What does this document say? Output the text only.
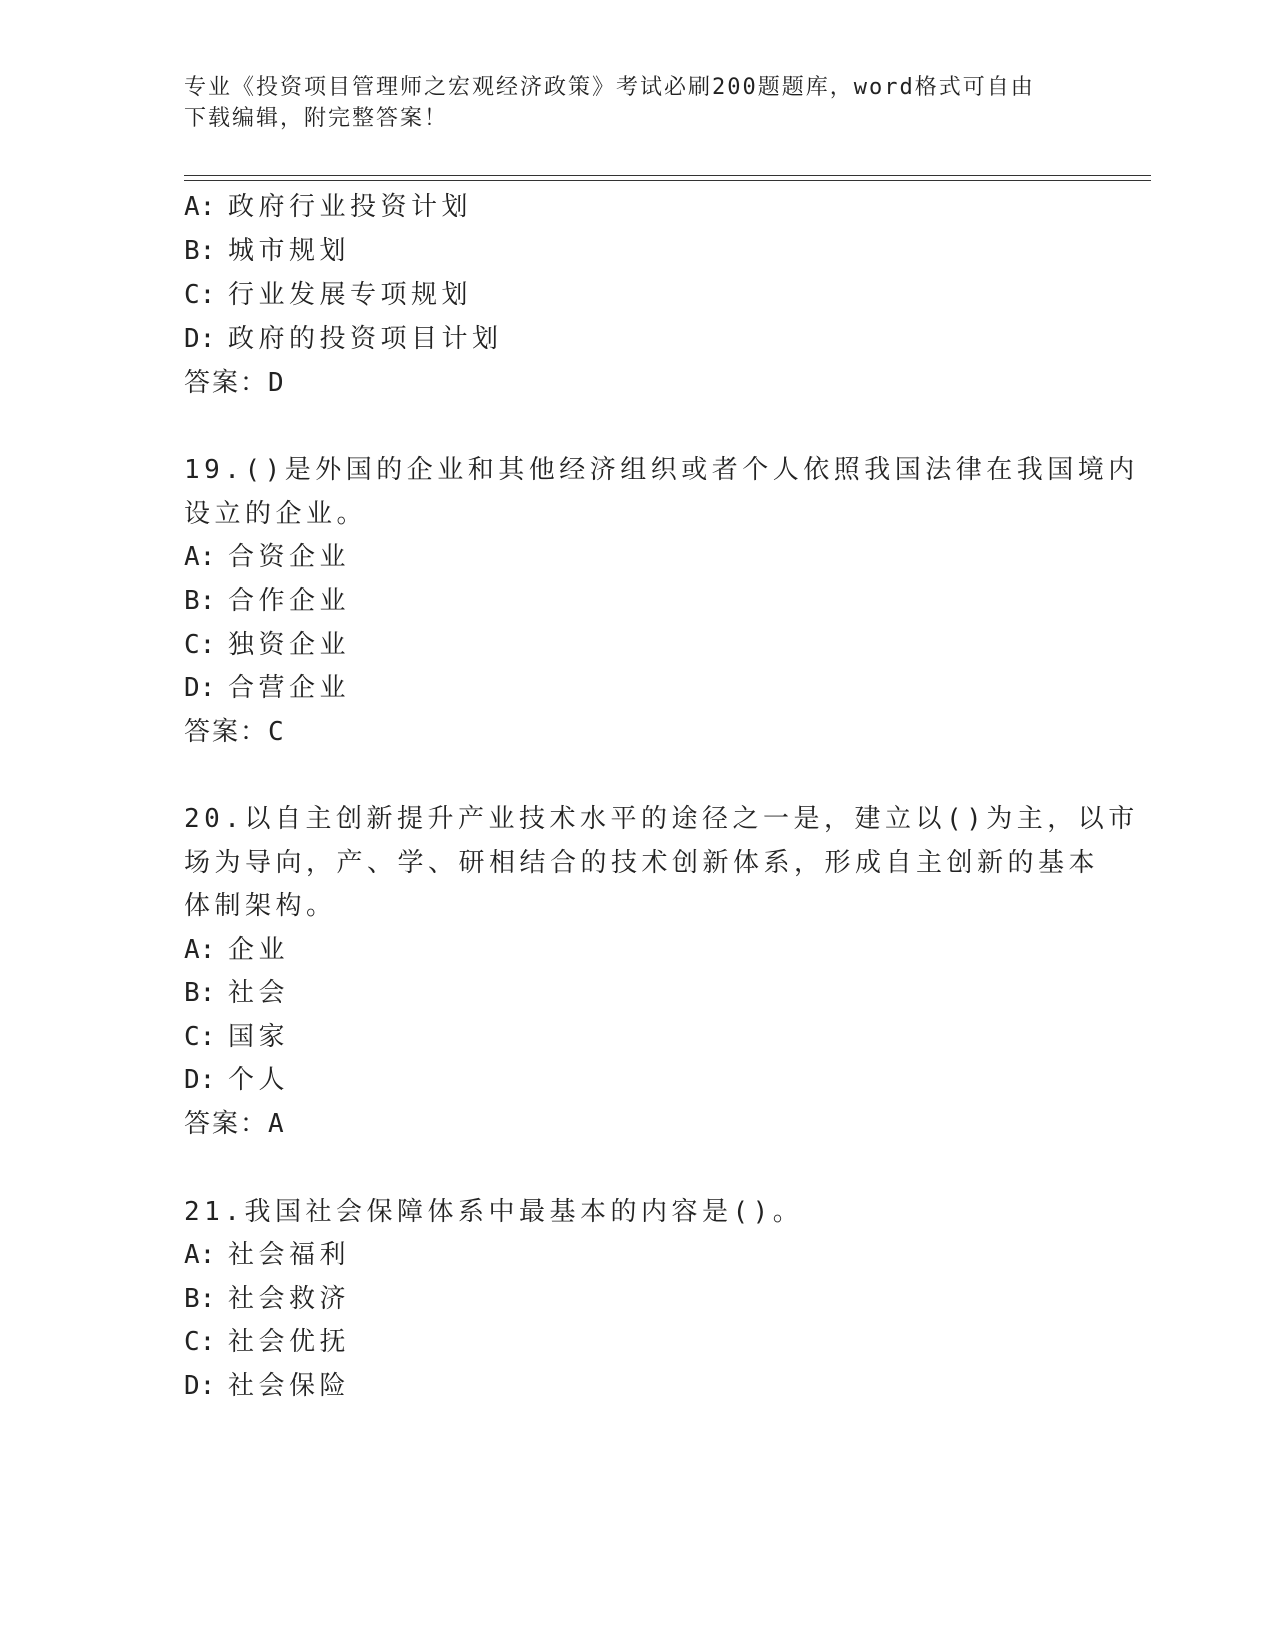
专业《投资项目管理师之宏观经济政策》考试必刷200题题库，word格式可自由
下载编辑，附完整答案！
A: 政府行业投资计划
B: 城市规划
C: 行业发展专项规划
D: 政府的投资项目计划
答案：D
19.()是外国的企业和其他经济组织或者个人依照我国法律在我国境内
设立的企业。
A: 合资企业
B: 合作企业
C: 独资企业
D: 合营企业
答案：C
20.以自主创新提升产业技术水平的途径之一是，建立以()为主，以市
场为导向，产、学、研相结合的技术创新体系，形成自主创新的基本
体制架构。
A: 企业
B: 社会
C: 国家
D: 个人
答案：A
21.我国社会保障体系中最基本的内容是()。
A: 社会福利
B: 社会救济
C: 社会优抚
D: 社会保险
